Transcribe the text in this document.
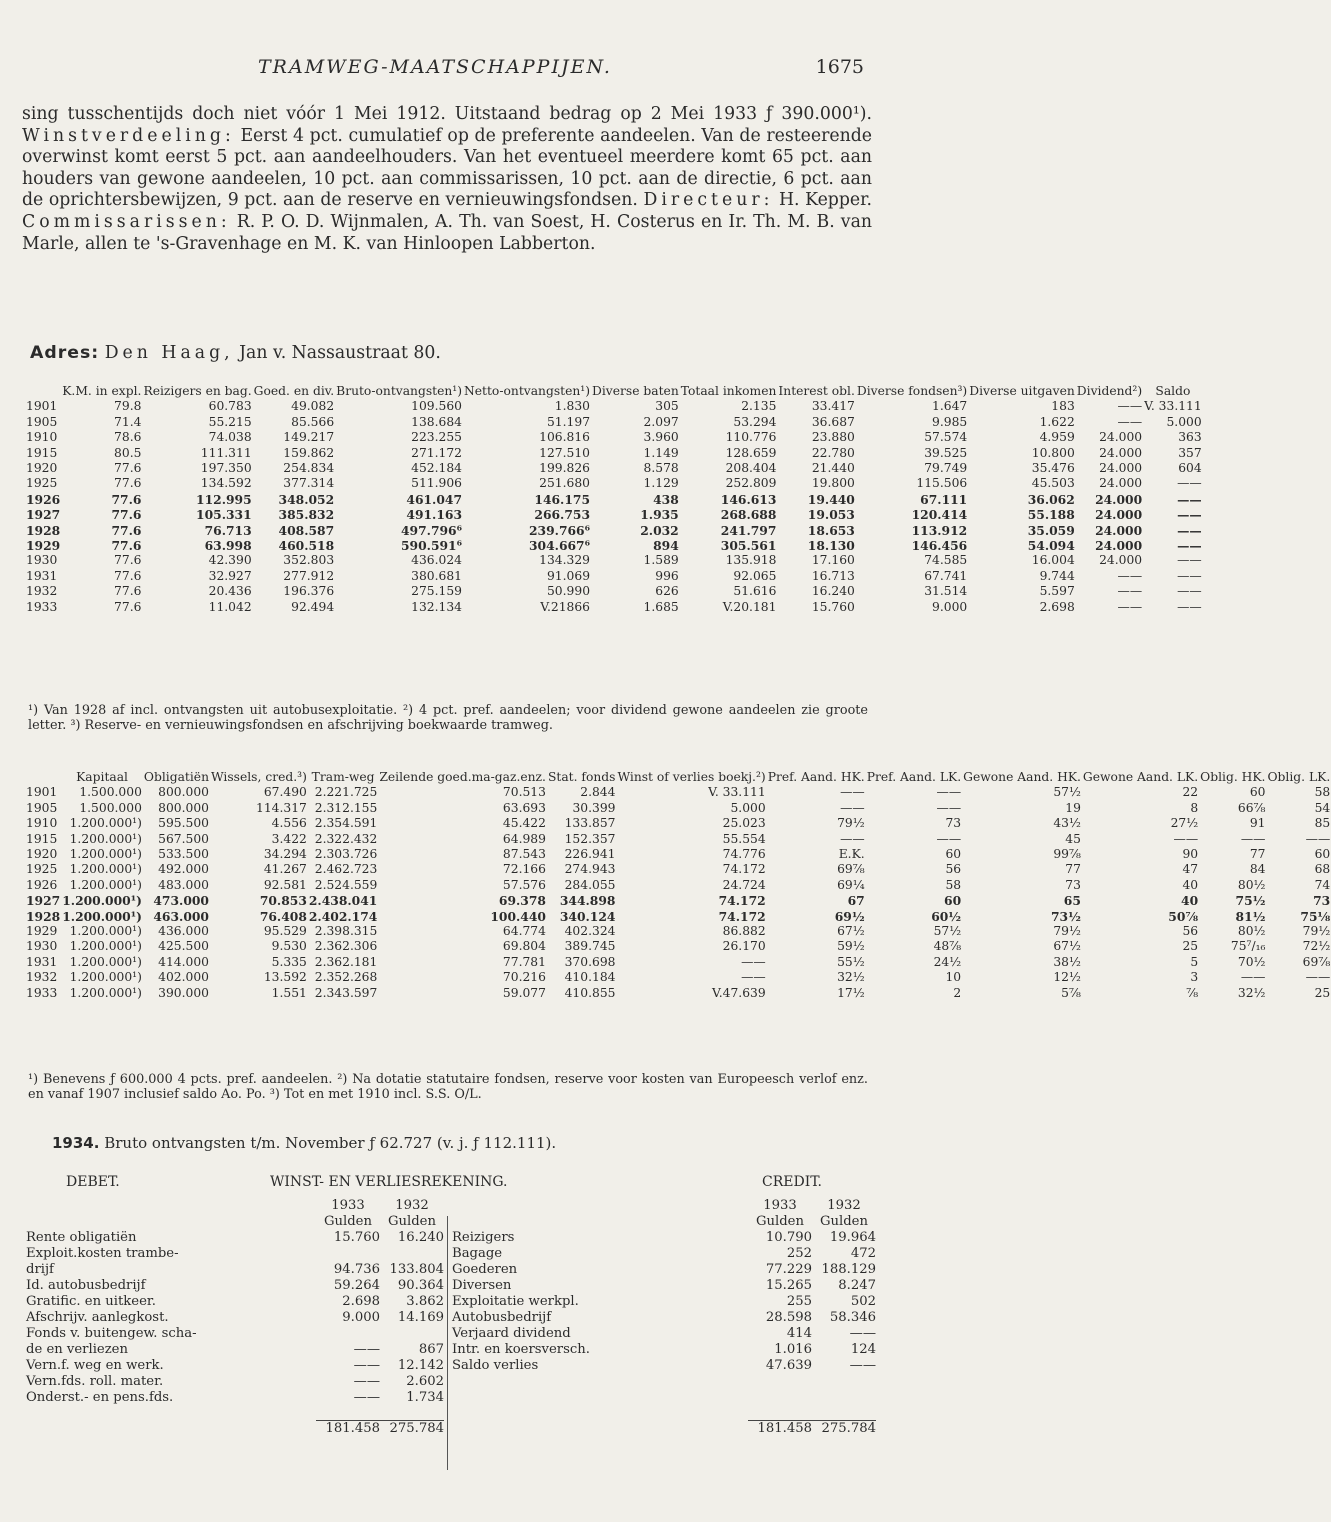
TRAMWEG-MAATSCHAPPIJEN.	1675

sing tusschentijds doch niet vóór 1 Mei 1912. Uitstaand bedrag op 2 Mei 1933 ƒ 390.000¹). Winstverdeeling: Eerst 4 pct. cumulatief op de preferente aandeelen. Van de resteerende overwinst komt eerst 5 pct. aan aandeelhouders. Van het eventueel meerdere komt 65 pct. aan houders van gewone aandeelen, 10 pct. aan commissarissen, 10 pct. aan de directie, 6 pct. aan de oprichtersbewijzen, 9 pct. aan de reserve en vernieuwingsfondsen. Directeur: H. Kepper. Commissarissen: R. P. O. D. Wijnmalen, A. Th. van Soest, H. Costerus en Ir. Th. M. B. van Marle, allen te 's-Gravenhage en M. K. van Hinloopen Labberton.

Adres: Den Haag, Jan v. Nassaustraat 80.
	K.M. in expl.	Reizigers en bag.	Goed. en div.	Bruto-ontvangsten¹)	Netto-ontvangsten¹)	Diverse baten	Totaal inkomen	Interest obl.	Diverse fondsen³)	Diverse uitgaven	Dividend²)	Saldo
1901	79.8	60.783	49.082	109.560	1.830	305	2.135	33.417	1.647	183	——	V. 33.111
1905	71.4	55.215	85.566	138.684	51.197	2.097	53.294	36.687	9.985	1.622	——	5.000
1910	78.6	74.038	149.217	223.255	106.816	3.960	110.776	23.880	57.574	4.959	24.000	363
1915	80.5	111.311	159.862	271.172	127.510	1.149	128.659	22.780	39.525	10.800	24.000	357
1920	77.6	197.350	254.834	452.184	199.826	8.578	208.404	21.440	79.749	35.476	24.000	604
1925	77.6	134.592	377.314	511.906	251.680	1.129	252.809	19.800	115.506	45.503	24.000	——
1926	77.6	112.995	348.052	461.047	146.175	438	146.613	19.440	67.111	36.062	24.000	——
1927	77.6	105.331	385.832	491.163	266.753	1.935	268.688	19.053	120.414	55.188	24.000	——
1928	77.6	76.713	408.587	497.796⁶	239.766⁶	2.032	241.797	18.653	113.912	35.059	24.000	——
1929	77.6	63.998	460.518	590.591⁶	304.667⁶	894	305.561	18.130	146.456	54.094	24.000	——
1930	77.6	42.390	352.803	436.024	134.329	1.589	135.918	17.160	74.585	16.004	24.000	——
1931	77.6	32.927	277.912	380.681	91.069	996	92.065	16.713	67.741	9.744	——	——
1932	77.6	20.436	196.376	275.159	50.990	626	51.616	16.240	31.514	5.597	——	——
1933	77.6	11.042	92.494	132.134	V.21866	1.685	V.20.181	15.760	9.000	2.698	——	——

¹) Van 1928 af incl. ontvangsten uit autobusexploitatie. ²) 4 pct. pref. aandeelen; voor dividend gewone aandeelen zie groote letter. ³) Reserve- en vernieuwingsfondsen en afschrijving boekwaarde tramweg.

	Kapitaal	Obligatiën	Wissels, cred.³)	Tram-weg	Zeilende goed.ma-gaz.enz.	Stat. fonds	Winst of verlies boekj.²)	Pref. Aand. HK.	Pref. Aand. LK.	Gewone Aand. HK.	Gewone Aand. LK.	Oblig. HK.	Oblig. LK.
1901	1.500.000	800.000	67.490	2.221.725	70.513	2.844	V. 33.111	——	——	57½	22	60	58
1905	1.500.000	800.000	114.317	2.312.155	63.693	30.399	5.000	——	——	19	8	66⅞	54
1910	1.200.000¹)	595.500	4.556	2.354.591	45.422	133.857	25.023	79½	73	43½	27½	91	85
1915	1.200.000¹)	567.500	3.422	2.322.432	64.989	152.357	55.554	——	——	45	——	——	——
1920	1.200.000¹)	533.500	34.294	2.303.726	87.543	226.941	74.776	E.K.	60	99⅞	90	77	60
1925	1.200.000¹)	492.000	41.267	2.462.723	72.166	274.943	74.172	69⅞	56	77	47	84	68
1926	1.200.000¹)	483.000	92.581	2.524.559	57.576	284.055	24.724	69¼	58	73	40	80½	74
1927	1.200.000¹)	473.000	70.853	2.438.041	69.378	344.898	74.172	67	60	65	40	75½	73
1928	1.200.000¹)	463.000	76.408	2.402.174	100.440	340.124	74.172	69½	60½	73½	50⅞	81½	75⅛
1929	1.200.000¹)	436.000	95.529	2.398.315	64.774	402.324	86.882	67½	57½	79½	56	80½	79½
1930	1.200.000¹)	425.500	9.530	2.362.306	69.804	389.745	26.170	59½	48⅞	67½	25	75⁷/₁₆	72½
1931	1.200.000¹)	414.000	5.335	2.362.181	77.781	370.698	——	55½	24½	38½	5	70½	69⅞
1932	1.200.000¹)	402.000	13.592	2.352.268	70.216	410.184	——	32½	10	12½	3	——	——
1933	1.200.000¹)	390.000	1.551	2.343.597	59.077	410.855	V.47.639	17½	2	5⅞	⅞	32½	25

¹) Benevens ƒ 600.000 4 pcts. pref. aandeelen. ²) Na dotatie statutaire fondsen, reserve voor kosten van Europeesch verlof enz. en vanaf 1907 inclusief saldo Ao. Po. ³) Tot en met 1910 incl. S.S. O/L.

1934. Bruto ontvangsten t/m. November ƒ 62.727 (v. j. ƒ 112.111).
DEBET.	WINST- EN VERLIESREKENING.	CREDIT.
	1933	1932
	Gulden	Gulden
Rente obligatiën	15.760	16.240
Exploit.kosten trambe-		
drijf	94.736	133.804
Id. autobusbedrijf	59.264	90.364
Gratific. en uitkeer.	2.698	3.862
Afschrijv. aanlegkost.	9.000	14.169
Fonds v. buitengew. scha-		
de en verliezen	——	867
Vern.f. weg en werk.	——	12.142
Vern.fds. roll. mater.	——	2.602
Onderst.- en pens.fds.	——	1.734

	181.458	275.784
	1933	1932
	Gulden	Gulden
Reizigers	10.790	19.964
Bagage	252	472
Goederen	77.229	188.129
Diversen	15.265	8.247
Exploitatie werkpl.	255	502
Autobusbedrijf	28.598	58.346
Verjaard dividend	414	——
Intr. en koersversch.	1.016	124
Saldo verlies	47.639	——

	181.458	275.784
